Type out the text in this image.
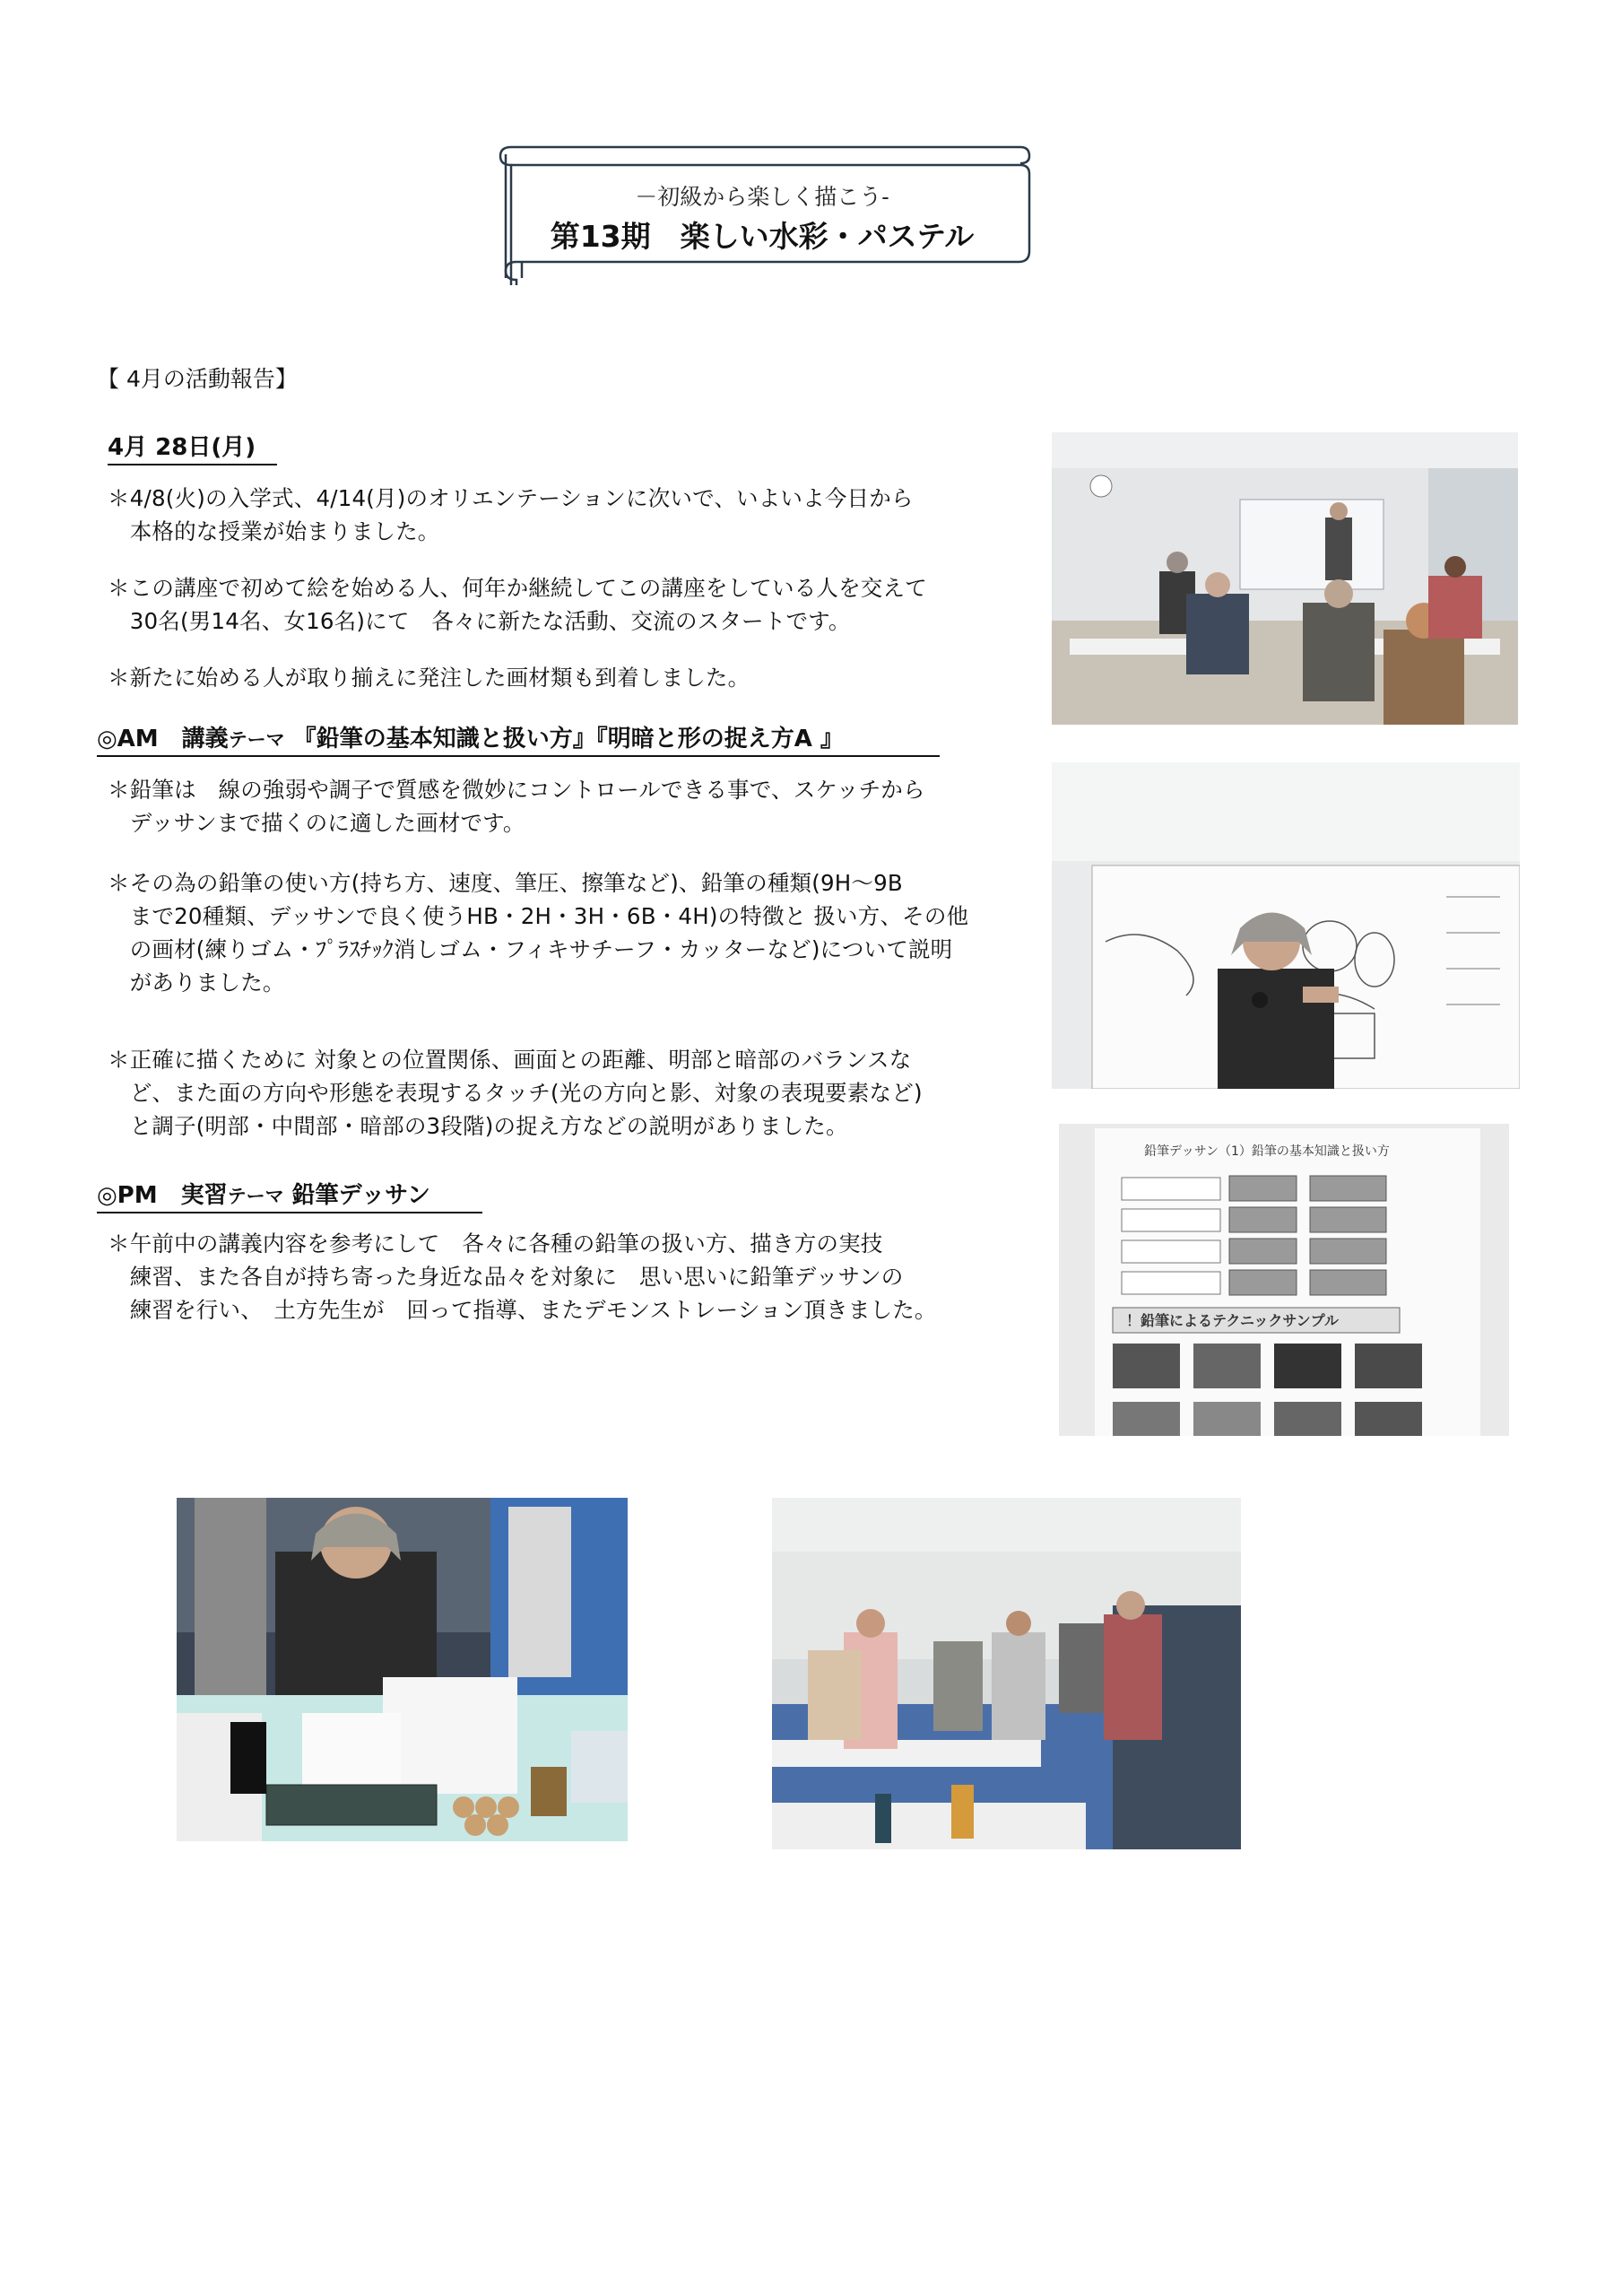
－初級から楽しく描こう-
第13期　楽しい水彩・パステル
【 4月の活動報告】
4月 28日(月)
＊4/8(火)の入学式、4/14(月)のオリエンテーションに次いで、いよいよ今日から
　本格的な授業が始まりました。
＊この講座で初めて絵を始める人、何年か継続してこの講座をしている人を交えて
　30名(男14名、女16名)にて　各々に新たな活動、交流のスタートです。
＊新たに始める人が取り揃えに発注した画材類も到着しました。
◎AM　講義テーマ 『鉛筆の基本知識と扱い方』『明暗と形の捉え方A 』
＊鉛筆は　線の強弱や調子で質感を微妙にコントロールできる事で、スケッチから
　デッサンまで描くのに適した画材です。
＊その為の鉛筆の使い方(持ち方、速度、筆圧、擦筆など)、鉛筆の種類(9H～9B
　まで20種類、デッサンで良く使うHB・2H・3H・6B・4H)の特徴と 扱い方、その他
　の画材(練りゴム・ﾌﾟﾗｽﾁｯｸ消しゴム・フィキサチーフ・カッターなど)について説明
　がありました。
＊正確に描くために 対象との位置関係、画面との距離、明部と暗部のバランスな
　ど、また面の方向や形態を表現するタッチ(光の方向と影、対象の表現要素など)
　と調子(明部・中間部・暗部の3段階)の捉え方などの説明がありました。
◎PM　実習テーマ 鉛筆デッサン
＊午前中の講義内容を参考にして　各々に各種の鉛筆の扱い方、描き方の実技
　練習、また各自が持ち寄った身近な品々を対象に　思い思いに鉛筆デッサンの
　練習を行い、　土方先生が　回って指導、またデモンストレーション頂きました。
鉛筆デッサン（1）鉛筆の基本知識と扱い方
！鉛筆によるテクニックサンプル
